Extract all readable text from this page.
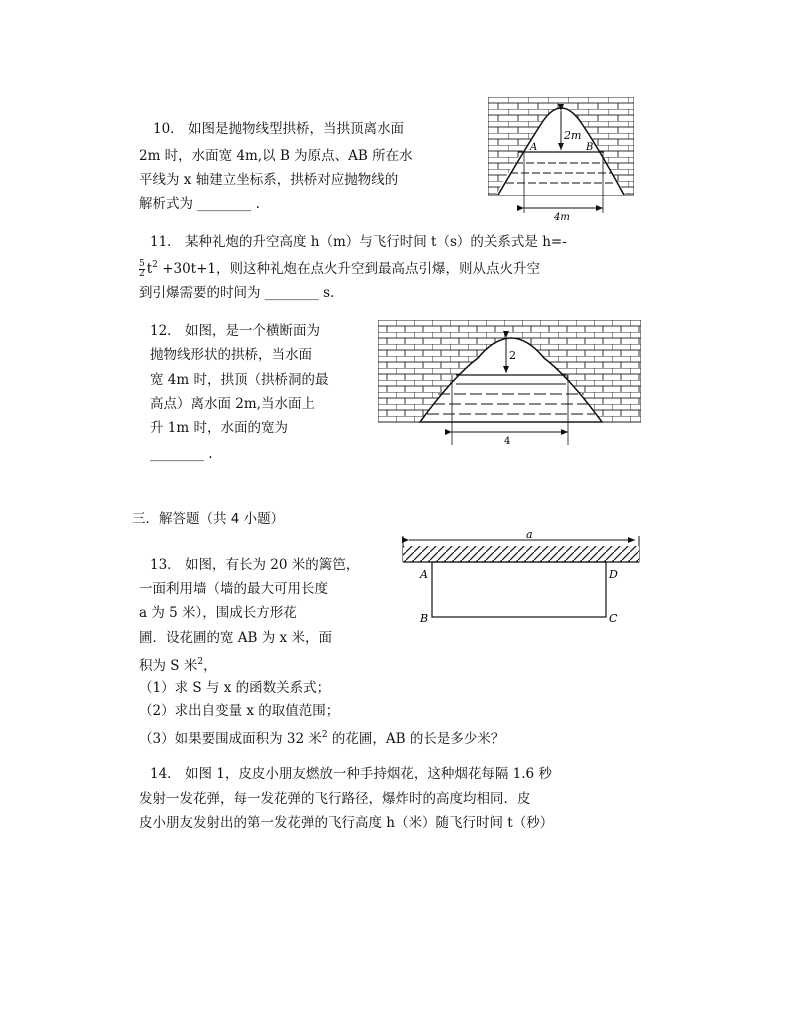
10． 如图是抛物线型拱桥，当拱顶离水面
2m 时，水面宽 4m,以 B 为原点、AB 所在水
平线为 x 轴建立坐标系，拱桥对应抛物线的
解析式为 ________ .
2m
A	B
4m
11． 某种礼炮的升空高度 h（m）与飞行时间 t（s）的关系式是 h=-
$\frac{5}{2} t^2 +30t+1$，则这种礼炮在点火升空到最高点引爆，则从点火升空
到引爆需要的时间为 ________ s.
12． 如图，是一个横断面为
抛物线形状的拱桥，当水面
宽 4m 时，拱顶（拱桥洞的最
高点）离水面 2m,当水面上
升 1m 时，水面的宽为
________ .
2
4
三．解答题（共 4 小题）
13． 如图，有长为 20 米的篱笆，
一面利用墙（墙的最大可用长度
a 为 5 米），围成长方形花
圃．设花圃的宽 AB 为 x 米，面
积为 S 米$^2$，
（1）求 S 与 x 的函数关系式；
（2）求出自变量 x 的取值范围；
（3）如果要围成面积为 32 米$^2$ 的花圃，AB 的长是多少米？
a
A
B	C
D
14． 如图 1，皮皮小朋友燃放一种手持烟花，这种烟花每隔 1.6 秒
发射一发花弹，每一发花弹的飞行路径，爆炸时的高度均相同．皮
皮小朋友发射出的第一发花弹的飞行高度 h（米）随飞行时间 t（秒）
